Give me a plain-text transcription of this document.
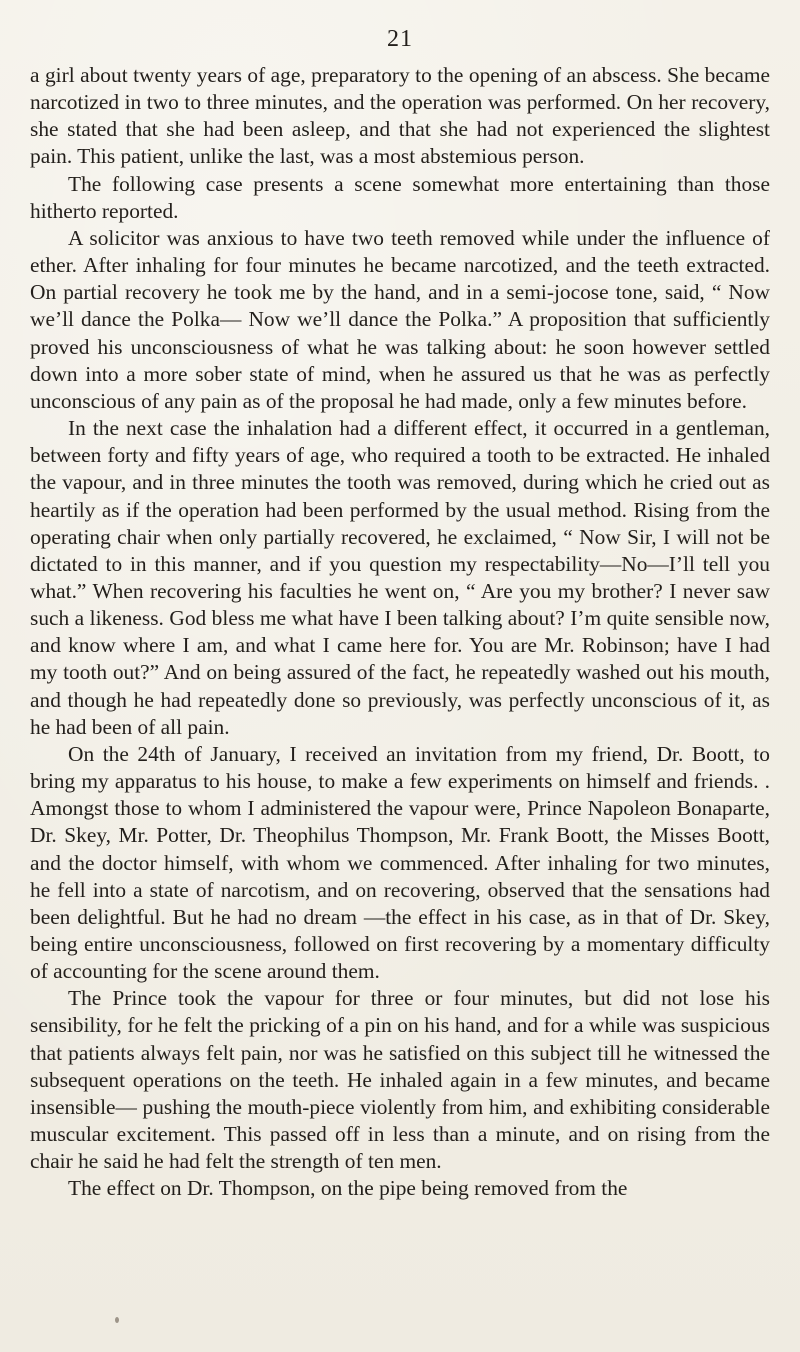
21

a girl about twenty years of age, preparatory to the opening of an abscess. She became narcotized in two to three minutes, and the operation was performed. On her recovery, she stated that she had been asleep, and that she had not experienced the slightest pain. This patient, unlike the last, was a most abstemious person.

The following case presents a scene somewhat more entertaining than those hitherto reported.

A solicitor was anxious to have two teeth removed while under the influence of ether. After inhaling for four minutes he became narcotized, and the teeth extracted. On partial recovery he took me by the hand, and in a semi-jocose tone, said, “ Now we’ll dance the Polka— Now we’ll dance the Polka.” A proposition that sufficiently proved his unconsciousness of what he was talking about: he soon however settled down into a more sober state of mind, when he assured us that he was as perfectly unconscious of any pain as of the proposal he had made, only a few minutes before.

In the next case the inhalation had a different effect, it occurred in a gentleman, between forty and fifty years of age, who required a tooth to be extracted. He inhaled the vapour, and in three minutes the tooth was removed, during which he cried out as heartily as if the operation had been performed by the usual method. Rising from the operating chair when only partially recovered, he exclaimed, “ Now Sir, I will not be dictated to in this manner, and if you question my respectability—No—I’ll tell you what.” When recovering his faculties he went on, “ Are you my brother? I never saw such a likeness. God bless me what have I been talking about? I’m quite sensible now, and know where I am, and what I came here for. You are Mr. Robinson; have I had my tooth out?” And on being assured of the fact, he repeatedly washed out his mouth, and though he had repeatedly done so previously, was perfectly unconscious of it, as he had been of all pain.

On the 24th of January, I received an invitation from my friend, Dr. Boott, to bring my apparatus to his house, to make a few experiments on himself and friends. . Amongst those to whom I administered the vapour were, Prince Napoleon Bonaparte, Dr. Skey, Mr. Potter, Dr. Theophilus Thompson, Mr. Frank Boott, the Misses Boott, and the doctor himself, with whom we commenced. After inhaling for two minutes, he fell into a state of narcotism, and on recovering, observed that the sensations had been delightful. But he had no dream —the effect in his case, as in that of Dr. Skey, being entire unconsciousness, followed on first recovering by a momentary difficulty of accounting for the scene around them.

The Prince took the vapour for three or four minutes, but did not lose his sensibility, for he felt the pricking of a pin on his hand, and for a while was suspicious that patients always felt pain, nor was he satisfied on this subject till he witnessed the subsequent operations on the teeth. He inhaled again in a few minutes, and became insensible— pushing the mouth-piece violently from him, and exhibiting considerable muscular excitement. This passed off in less than a minute, and on rising from the chair he said he had felt the strength of ten men.

The effect on Dr. Thompson, on the pipe being removed from the
